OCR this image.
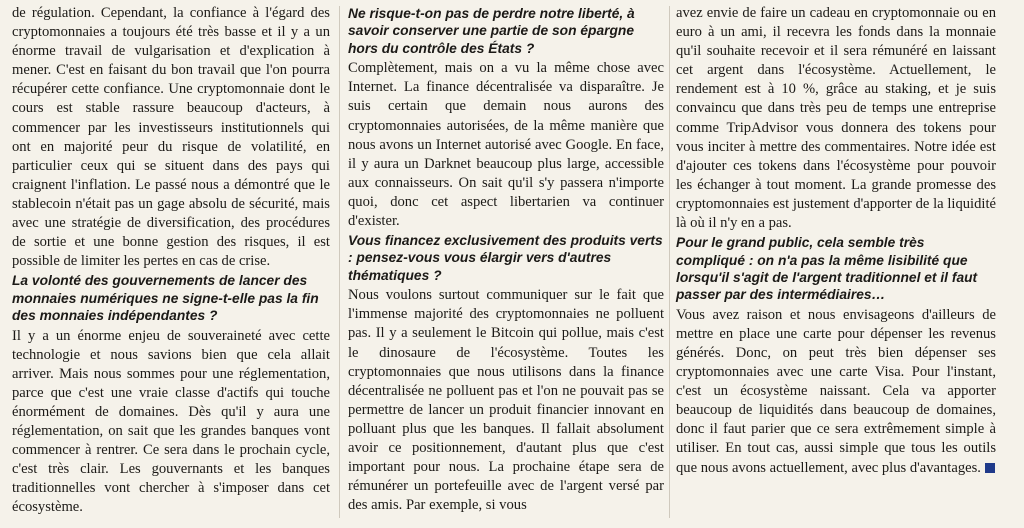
de régulation. Cependant, la confiance à l'égard des cryptomonnaies a toujours été très basse et il y a un énorme travail de vulgarisation et d'explication à mener. C'est en faisant du bon travail que l'on pourra récupérer cette confiance. Une cryptomonnaie dont le cours est stable rassure beaucoup d'acteurs, à commencer par les investisseurs institutionnels qui ont en majorité peur du risque de volatilité, en particulier ceux qui se situent dans des pays qui craignent l'inflation. Le passé nous a démontré que le stablecoin n'était pas un gage absolu de sécurité, mais avec une stratégie de diversification, des procédures de sortie et une bonne gestion des risques, il est possible de limiter les pertes en cas de crise.

La volonté des gouvernements de lancer des monnaies numériques ne signe-t-elle pas la fin des monnaies indépendantes ?

Il y a un énorme enjeu de souveraineté avec cette technologie et nous savions bien que cela allait arriver. Mais nous sommes pour une réglementation, parce que c'est une vraie classe d'actifs qui touche énormément de domaines. Dès qu'il y aura une réglementation, on sait que les grandes banques vont commencer à rentrer. Ce sera dans le prochain cycle, c'est très clair. Les gouvernants et les banques traditionnelles vont chercher à s'imposer dans cet écosystème.

Ne risque-t-on pas de perdre notre liberté, à savoir conserver une partie de son épargne hors du contrôle des États ?

Complètement, mais on a vu la même chose avec Internet. La finance décentralisée va disparaître. Je suis certain que demain nous aurons des cryptomonnaies autorisées, de la même manière que nous avons un Internet autorisé avec Google. En face, il y aura un Darknet beaucoup plus large, accessible aux connaisseurs. On sait qu'il s'y passera n'importe quoi, donc cet aspect libertarien va continuer d'exister.

Vous financez exclusivement des produits verts : pensez-vous vous élargir vers d'autres thématiques ?

Nous voulons surtout communiquer sur le fait que l'immense majorité des cryptomonnaies ne polluent pas. Il y a seulement le Bitcoin qui pollue, mais c'est le dinosaure de l'écosystème. Toutes les cryptomonnaies que nous utilisons dans la finance décentralisée ne polluent pas et l'on ne pouvait pas se permettre de lancer un produit financier innovant en polluant plus que les banques. Il fallait absolument avoir ce positionnement, d'autant plus que c'est important pour nous. La prochaine étape sera de rémunérer un portefeuille avec de l'argent versé par des amis. Par exemple, si vous

avez envie de faire un cadeau en cryptomonnaie ou en euro à un ami, il recevra les fonds dans la monnaie qu'il souhaite recevoir et il sera rémunéré en laissant cet argent dans l'écosystème. Actuellement, le rendement est à 10 %, grâce au staking, et je suis convaincu que dans très peu de temps une entreprise comme TripAdvisor vous donnera des tokens pour vous inciter à mettre des commentaires. Notre idée est d'ajouter ces tokens dans l'écosystème pour pouvoir les échanger à tout moment. La grande promesse des cryptomonnaies est justement d'apporter de la liquidité là où il n'y en a pas.

Pour le grand public, cela semble très compliqué : on n'a pas la même lisibilité que lorsqu'il s'agit de l'argent traditionnel et il faut passer par des intermédiaires…

Vous avez raison et nous envisageons d'ailleurs de mettre en place une carte pour dépenser les revenus générés. Donc, on peut très bien dépenser ses cryptomonnaies avec une carte Visa. Pour l'instant, c'est un écosystème naissant. Cela va apporter beaucoup de liquidités dans beaucoup de domaines, donc il faut parier que ce sera extrêmement simple à utiliser. En tout cas, aussi simple que tous les outils que nous avons actuellement, avec plus d'avantages.
